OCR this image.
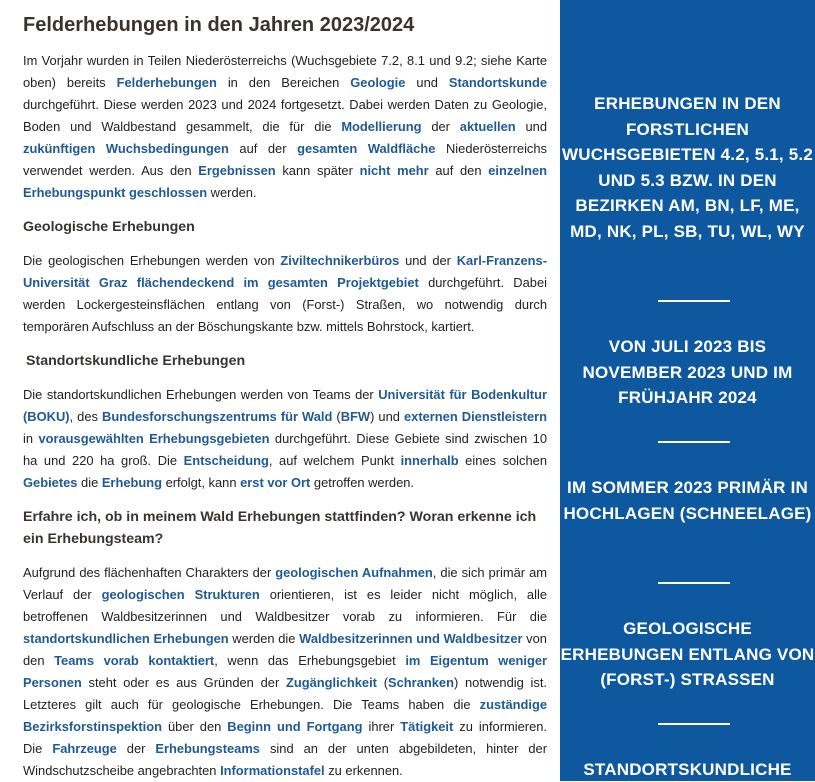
Felderhebungen in den Jahren 2023/2024

Im Vorjahr wurden in Teilen Niederösterreichs (Wuchsgebiete 7.2, 8.1 und 9.2; siehe Karte oben) bereits Felderhebungen in den Bereichen Geologie und Standortskunde durchgeführt. Diese werden 2023 und 2024 fortgesetzt. Dabei werden Daten zu Geologie, Boden und Waldbestand gesammelt, die für die Modellierung der aktuellen und zukünftigen Wuchsbedingungen auf der gesamten Waldfläche Niederösterreichs verwendet werden. Aus den Ergebnissen kann später nicht mehr auf den einzelnen Erhebungspunkt geschlossen werden.

Geologische Erhebungen

Die geologischen Erhebungen werden von Ziviltechnikerbüros und der Karl-Franzens-Universität Graz flächendeckend im gesamten Projektgebiet durchgeführt. Dabei werden Lockergesteinsflächen entlang von (Forst-) Straßen, wo notwendig durch temporären Aufschluss an der Böschungskante bzw. mittels Bohrstock, kartiert.

Standortskundliche Erhebungen

Die standortskundlichen Erhebungen werden von Teams der Universität für Bodenkultur (BOKU), des Bundesforschungszentrums für Wald (BFW) und externen Dienstleistern in vorausgewählten Erhebungsgebieten durchgeführt. Diese Gebiete sind zwischen 10 ha und 220 ha groß. Die Entscheidung, auf welchem Punkt innerhalb eines solchen Gebietes die Erhebung erfolgt, kann erst vor Ort getroffen werden.

Erfahre ich, ob in meinem Wald Erhebungen stattfinden? Woran erkenne ich ein Erhebungsteam?

Aufgrund des flächenhaften Charakters der geologischen Aufnahmen, die sich primär am Verlauf der geologischen Strukturen orientieren, ist es leider nicht möglich, alle betroffenen Waldbesitzerinnen und Waldbesitzer vorab zu informieren. Für die standortskundlichen Erhebungen werden die Waldbesitzerinnen und Waldbesitzer von den Teams vorab kontaktiert, wenn das Erhebungsgebiet im Eigentum weniger Personen steht oder es aus Gründen der Zugänglichkeit (Schranken) notwendig ist. Letzteres gilt auch für geologische Erhebungen. Die Teams haben die zuständige Bezirksforstinspektion über den Beginn und Fortgang ihrer Tätigkeit zu informieren. Die Fahrzeuge der Erhebungsteams sind an der unten abgebildeten, hinter der Windschutzscheibe angebrachten Informationstafel zu erkennen.

ERHEBUNGEN IN DEN FORSTLICHEN WUCHSGEBIETEN 4.2, 5.1, 5.2 UND 5.3 BZW. IN DEN BEZIRKEN AM, BN, LF, ME, MD, NK, PL, SB, TU, WL, WY
VON JULI 2023 BIS NOVEMBER 2023 UND IM FRÜHJAHR 2024
IM SOMMER 2023 PRIMÄR IN HOCHLAGEN (SCHNEELAGE)
GEOLOGISCHE ERHEBUNGEN ENTLANG VON (FORST-) STRASSEN
STANDORTSKUNDLICHE
